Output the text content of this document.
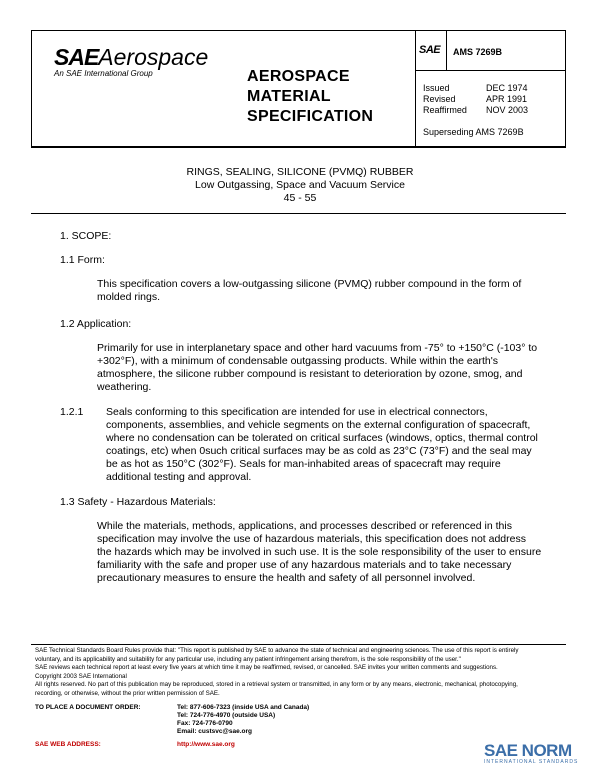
SAEAerospace
An SAE International Group	AEROSPACE
MATERIAL
SPECIFICATION
SAE AMS 7269B
Issued	DEC 1974
Revised	APR 1991
Reaffirmed	NOV 2003
Superseding AMS 7269B
RINGS, SEALING, SILICONE (PVMQ) RUBBER
Low Outgassing, Space and Vacuum Service
45 - 55
1. SCOPE:
1.1 Form:
This specification covers a low-outgassing silicone (PVMQ) rubber compound in the form of
molded rings.
1.2 Application:
Primarily for use in interplanetary space and other hard vacuums from -75° to +150°C (-103° to
+302°F), with a minimum of condensable outgassing products. While within the earth's
atmosphere, the silicone rubber compound is resistant to deterioration by ozone, smog, and
weathering.
1.2.1 Seals conforming to this specification are intended for use in electrical connectors,
components, assemblies, and vehicle segments on the external configuration of spacecraft,
where no condensation can be tolerated on critical surfaces (windows, optics, thermal control
coatings, etc) when 0such critical surfaces may be as cold as 23°C (73°F) and the seal may
be as hot as 150°C (302°F). Seals for man-inhabited areas of spacecraft may require
additional testing and approval.
1.3 Safety - Hazardous Materials:
While the materials, methods, applications, and processes described or referenced in this
specification may involve the use of hazardous materials, this specification does not address
the hazards which may be involved in such use. It is the sole responsibility of the user to ensure
familiarity with the safe and proper use of any hazardous materials and to take necessary
precautionary measures to ensure the health and safety of all personnel involved.
SAE Technical Standards Board Rules provide that: "This report is published by SAE to advance the state of technical and engineering sciences. The use of this report is entirely
voluntary, and its applicability and suitability for any particular use, including any patient infringement arising therefrom, is the sole responsibility of the user."
SAE reviews each technical report at least every five years at which time it may be reaffirmed, revised, or cancelled. SAE invites your written comments and suggestions.
Copyright 2003 SAE International
All rights reserved. No part of this publication may be reproduced, stored in a retrieval system or transmitted, in any form or by any means, electronic, mechanical, photocopying,
recording, or otherwise, without the prior written permission of SAE.
TO PLACE A DOCUMENT ORDER:	Tel: 877-606-7323 (inside USA and Canada)
Tel: 724-776-4970 (outside USA)
Fax: 724-776-0790
Email: custsvc@sae.org
SAE WEB ADDRESS:	http://www.sae.org	SAE NORM
INTERNATIONAL STANDARDS
